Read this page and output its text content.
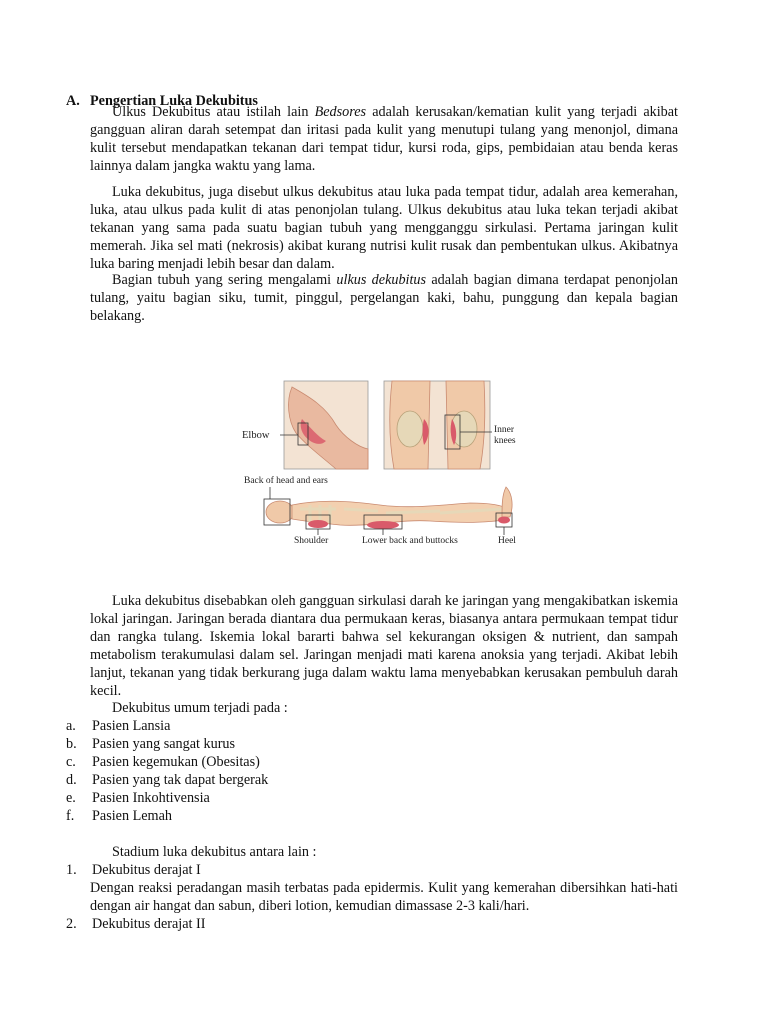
A. Pengertian Luka Dekubitus
Ulkus Dekubitus atau istilah lain Bedsores adalah kerusakan/kematian kulit yang terjadi akibat gangguan aliran darah setempat dan iritasi pada kulit yang menutupi tulang yang menonjol, dimana kulit tersebut mendapatkan tekanan dari tempat tidur, kursi roda, gips, pembidaian atau benda keras lainnya dalam jangka waktu yang lama.
Luka dekubitus, juga disebut ulkus dekubitus atau luka pada tempat tidur, adalah area kemerahan, luka, atau ulkus pada kulit di atas penonjolan tulang. Ulkus dekubitus atau luka tekan terjadi akibat tekanan yang sama pada suatu bagian tubuh yang mengganggu sirkulasi. Pertama jaringan kulit memerah. Jika sel mati (nekrosis) akibat kurang nutrisi kulit rusak dan pembentukan ulkus. Akibatnya luka baring menjadi lebih besar dan dalam.
Bagian tubuh yang sering mengalami ulkus dekubitus adalah bagian dimana terdapat penonjolan tulang, yaitu bagian siku, tumit, pinggul, pergelangan kaki, bahu, punggung dan kepala bagian belakang.
Elbow	Inner
knees
Back of head and ears
Shoulder	Lower back and buttocks	Heel
Luka dekubitus disebabkan oleh gangguan sirkulasi darah ke jaringan yang mengakibatkan iskemia lokal jaringan. Jaringan berada diantara dua permukaan keras, biasanya antara permukaan tempat tidur dan rangka tulang. Iskemia lokal bararti bahwa sel kekurangan oksigen & nutrient, dan sampah metabolism terakumulasi dalam sel. Jaringan menjadi mati karena anoksia yang terjadi. Akibat lebih lanjut, tekanan yang tidak berkurang juga dalam waktu lama menyebabkan kerusakan pembuluh darah kecil.
Dekubitus umum terjadi pada :
a. Pasien Lansia
b. Pasien yang sangat kurus
c. Pasien kegemukan (Obesitas)
d. Pasien yang tak dapat bergerak
e. Pasien Inkohtivensia
f. Pasien Lemah
Stadium luka dekubitus antara lain :
1. Dekubitus derajat I
Dengan reaksi peradangan masih terbatas pada epidermis. Kulit yang kemerahan dibersihkan hati-hati dengan air hangat dan sabun, diberi lotion, kemudian dimassase 2-3 kali/hari.
2. Dekubitus derajat II
